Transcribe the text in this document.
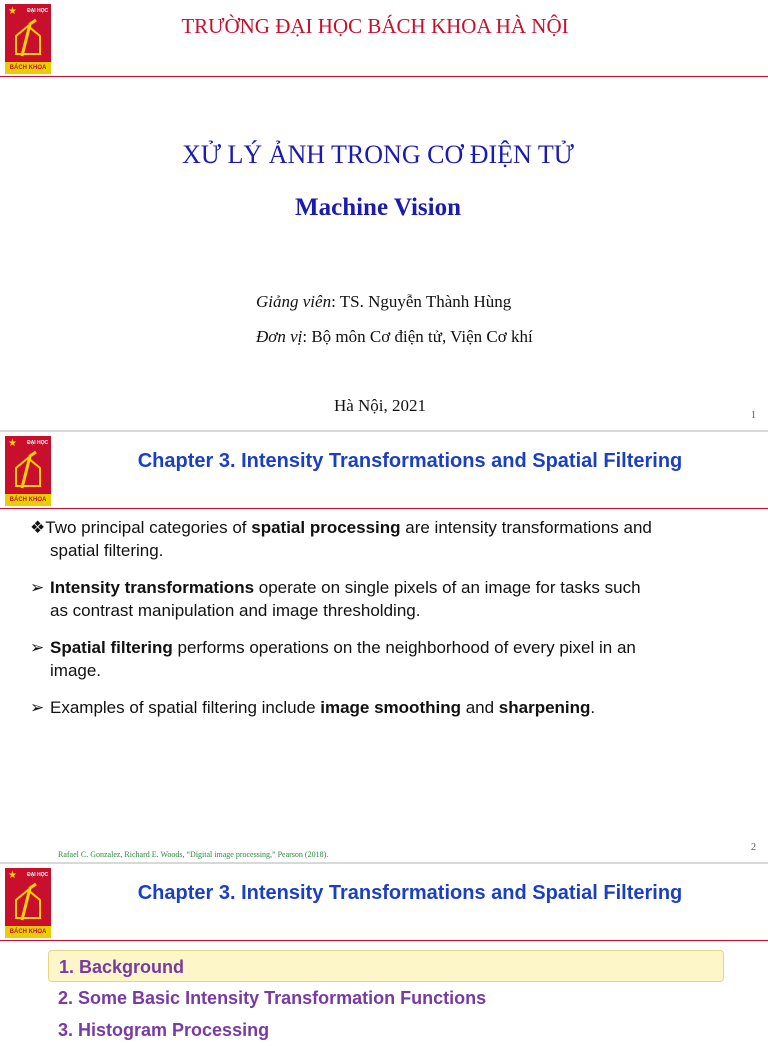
★ ĐẠI HỌC
BÁCH KHOA
TRƯỜNG ĐẠI HỌC BÁCH KHOA HÀ NỘI
XỬ LÝ ẢNH TRONG CƠ ĐIỆN TỬ
Machine Vision
Giảng viên: TS. Nguyễn Thành Hùng
Đơn vị: Bộ môn Cơ điện tử, Viện Cơ khí
Hà Nội, 2021
1
★ ĐẠI HỌC
BÁCH KHOA
Chapter 3. Intensity Transformations and Spatial Filtering
❖Two principal categories of spatial processing are intensity transformations and
spatial filtering.
➢ Intensity transformations operate on single pixels of an image for tasks such
as contrast manipulation and image thresholding.
➢ Spatial filtering performs operations on the neighborhood of every pixel in an
image.
➢ Examples of spatial filtering include image smoothing and sharpening.
Rafael C. Gonzalez, Richard E. Woods, “Digital image processing,” Pearson (2018).
2
★ ĐẠI HỌC
BÁCH KHOA
Chapter 3. Intensity Transformations and Spatial Filtering
1. Background
2. Some Basic Intensity Transformation Functions
3. Histogram Processing
